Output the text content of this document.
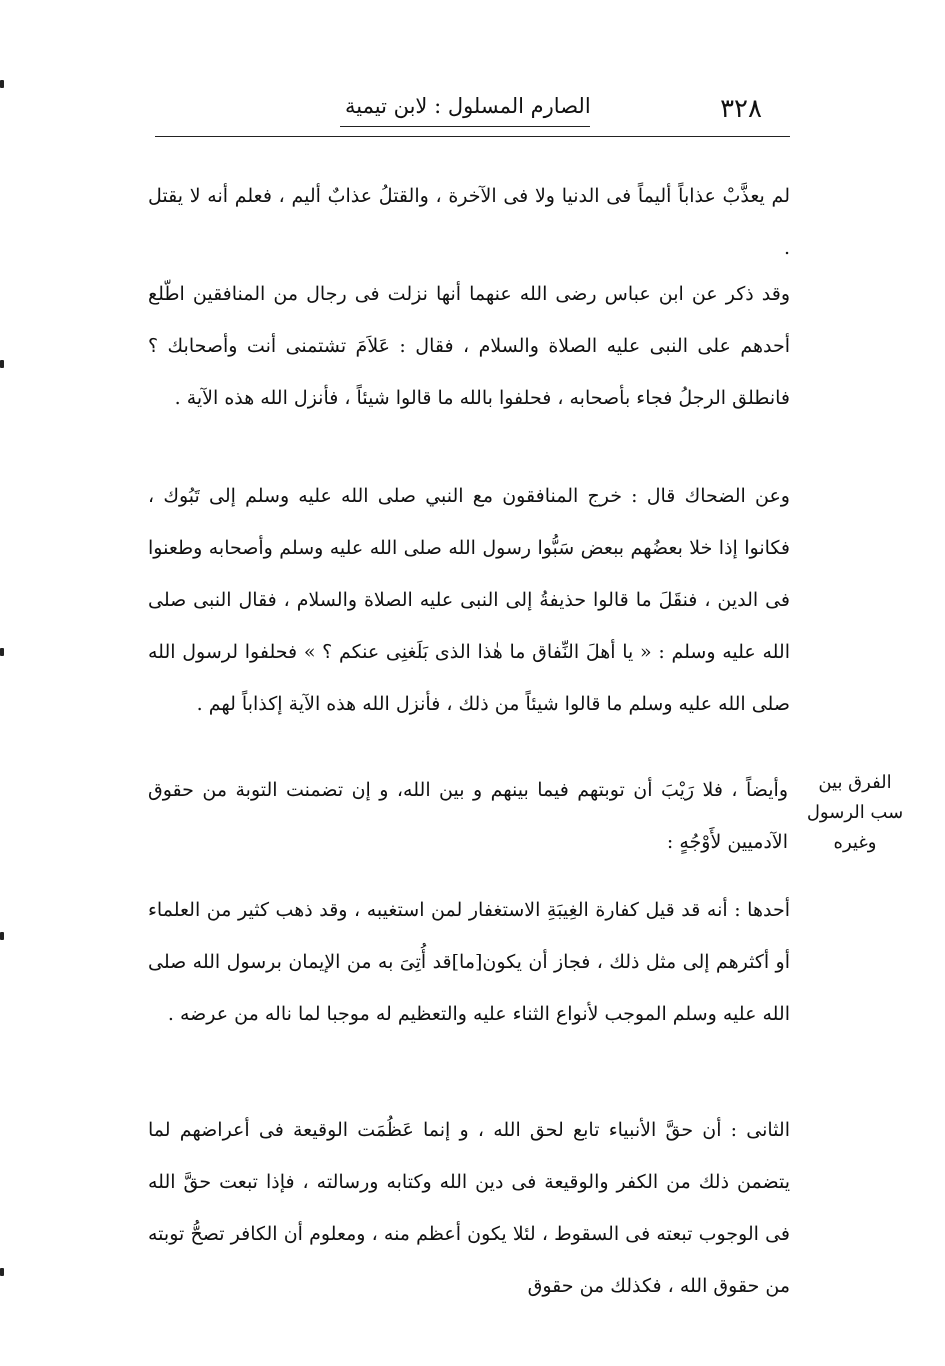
٣٢٨
الصارم المسلول : لابن تيمية

لم يعذَّبْ عذاباً أليماً فى الدنيا ولا فى الآخرة ، والقتلُ عذابٌ أليم ، فعلم أنه لا يقتل .

وقد ذكر عن ابن عباس رضى الله عنهما أنها نزلت فى رجال من المنافقين اطّلع أحدهم على النبى عليه الصلاة والسلام ، فقال : عَلاَمَ تشتمنى أنت وأصحابك ؟ فانطلق الرجلُ فجاء بأصحابه ، فحلفوا بالله ما قالوا شيئاً ، فأنزل الله هذه الآية .

وعن الضحاك قال : خرج المنافقون مع النبي صلى الله عليه وسلم إلى تَبُوك ، فكانوا إذا خلا بعضُهم ببعض سَبُّوا رسول الله صلى الله عليه وسلم وأصحابه وطعنوا فى الدين ، فنقَلَ ما قالوا حذيفةُ إلى النبى عليه الصلاة والسلام ، فقال النبى صلى الله عليه وسلم : « يا أهلَ النِّفاق ما هٰذا الذى بَلَغنِى عنكم ؟ » فحلفوا لرسول الله صلى الله عليه وسلم ما قالوا شيئاً من ذلك ، فأنزل الله هذه الآية إكذاباً لهم .

وأيضاً ، فلا رَيْبَ أن توبتهم فيما بينهم و بين الله، و إن تضمنت التوبة من حقوق الآدميين لأَوْجُهٍ :

أحدها : أنه قد قيل كفارة الغِيبَةِ الاستغفار لمن استغيبه ، وقد ذهب كثير من العلماء أو أكثرهم إلى مثل ذلك ، فجاز أن يكون[ما]قد أُتِىَ به من الإيمان برسول الله صلى الله عليه وسلم الموجب لأنواع الثناء عليه والتعظيم له موجبا لما ناله من عرضه .

الثانى : أن حقَّ الأنبياء تابع لحق الله ، و إنما عَظُمَت الوقيعة فى أعراضهم لما يتضمن ذلك من الكفر والوقيعة فى دين الله وكتابه ورسالته ، فإذا تبعت حقَّ الله فى الوجوب تبعته فى السقوط ، لئلا يكون أعظم منه ، ومعلوم أن الكافر تصحُّ توبته من حقوق الله ، فكذلك من حقوق

الفرق بين سب الرسول وغيره
